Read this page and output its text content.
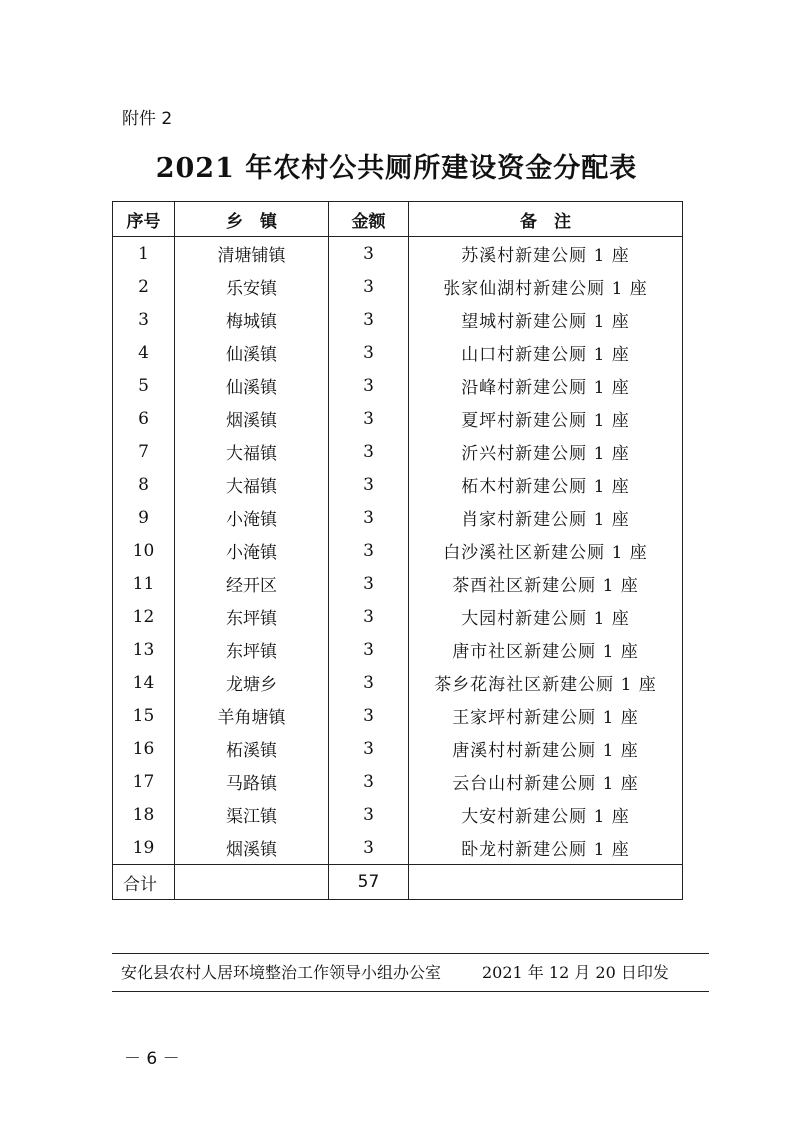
附件 2
2021 年农村公共厕所建设资金分配表
序号	乡　镇	金额	备　注
1	清塘铺镇	3	苏溪村新建公厕 1 座
2	乐安镇	3	张家仙湖村新建公厕 1 座
3	梅城镇	3	望城村新建公厕 1 座
4	仙溪镇	3	山口村新建公厕 1 座
5	仙溪镇	3	沿峰村新建公厕 1 座
6	烟溪镇	3	夏坪村新建公厕 1 座
7	大福镇	3	沂兴村新建公厕 1 座
8	大福镇	3	柘木村新建公厕 1 座
9	小淹镇	3	肖家村新建公厕 1 座
10	小淹镇	3	白沙溪社区新建公厕 1 座
11	经开区	3	茶酉社区新建公厕 1 座
12	东坪镇	3	大园村新建公厕 1 座
13	东坪镇	3	唐市社区新建公厕 1 座
14	龙塘乡	3	茶乡花海社区新建公厕 1 座
15	羊角塘镇	3	王家坪村新建公厕 1 座
16	柘溪镇	3	唐溪村村新建公厕 1 座
17	马路镇	3	云台山村新建公厕 1 座
18	渠江镇	3	大安村新建公厕 1 座
19	烟溪镇	3	卧龙村新建公厕 1 座
合计		57	
安化县农村人居环境整治工作领导小组办公室	2021 年 12 月 20 日印发
－ 6 －
